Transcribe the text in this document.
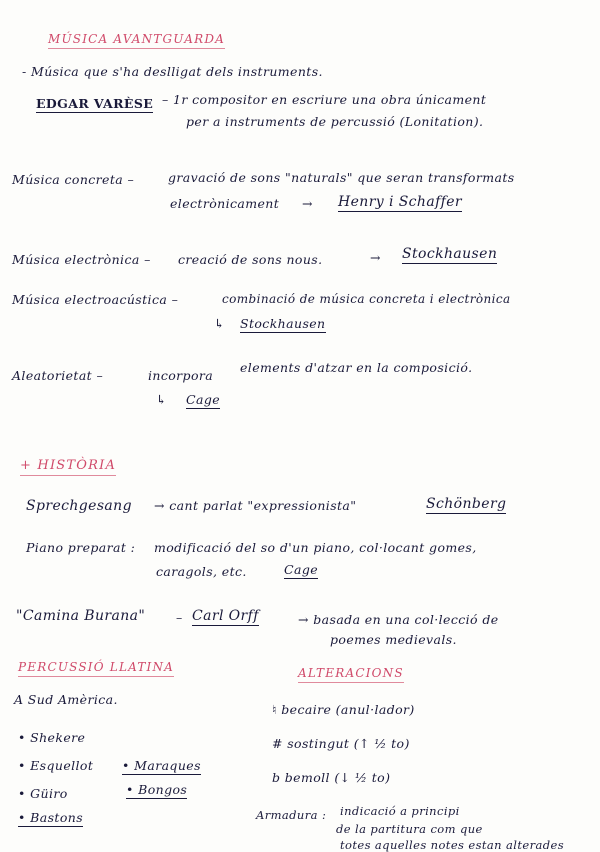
MÚSICA AVANTGUARDA
- Música que s'ha deslligat dels instruments.
EDGAR VARÈSE – 1r compositor en escriure una obra únicament
per a instruments de percussió (Lonitation).
Música concreta –	gravació de sons "naturals" que seran transformats
electrònicament → Henry i Schaffer
Música electrònica – creació de sons nous.	→ Stockhausen
Música electroacústica –	combinació de música concreta i electrònica
↳ Stockhausen
Aleatorietat –	incorpora
elements d'atzar en la composició.
↳ Cage
+ HISTÒRIA
Sprechgesang → cant parlat "expressionista"	Schönberg
Piano preparat : modificació del so d'un piano, col·locant gomes,
caragols, etc.	Cage
"Camina Burana" – Carl Orff	→ basada en una col·lecció de
poemes medievals.
PERCUSSIÓ LLATINA
A Sud Amèrica.
• Shekere
• Esquellot
• Güiro
• Bastons
• Maraques
• Bongos
ALTERACIONS
♮ becaire (anul·lador)
# sostingut (↑ ½ to)
b bemoll (↓ ½ to)
Armadura : indicació a principi
de la partitura com que
totes aquelles notes estan alterades
